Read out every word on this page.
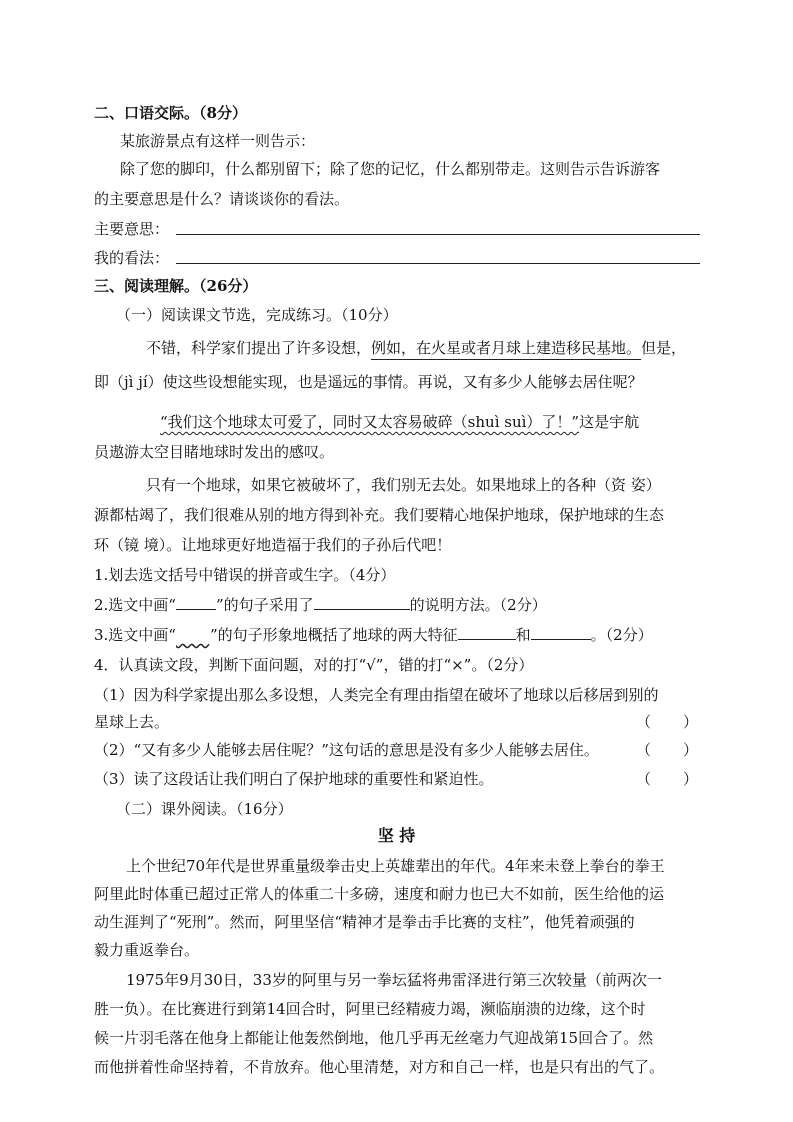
二、口语交际。（8分）
某旅游景点有这样一则告示：
除了您的脚印，什么都别留下；除了您的记忆，什么都别带走。这则告示告诉游客
的主要意思是什么？请谈谈你的看法。
主要意思：
我的看法：
三、阅读理解。（26分）
（一）阅读课文节选，完成练习。（10分）
不错，科学家们提出了许多设想，例如，在火星或者月球上建造移民基地。但是，
即（jì jí）使这些设想能实现，也是遥远的事情。再说，又有多少人能够去居住呢？
“我们这个地球太可爱了，同时又太容易破碎（shuì suì）了！”这是宇航
员遨游太空目睹地球时发出的感叹。
只有一个地球，如果它被破坏了，我们别无去处。如果地球上的各种（资 姿）
源都枯竭了，我们很难从别的地方得到补充。我们要精心地保护地球，保护地球的生态
环（镜 境）。让地球更好地造福于我们的子孙后代吧！
1.划去选文括号中错误的拼音或生字。（4分）
2.选文中画“	”的句子采用了	的说明方法。（2分）
3.选文中画“ ”的句子形象地概括了地球的两大特征	和	。（2分）
4．认真读文段，判断下面问题，对的打“√”，错的打“×”。（2分）
（1）因为科学家提出那么多设想，人类完全有理由指望在破坏了地球以后移居到别的
星球上去。	（ ）
（2）“又有多少人能够去居住呢？”这句话的意思是没有多少人能够去居住。 （ ）
（3）读了这段话让我们明白了保护地球的重要性和紧迫性。	（ ）
（二）课外阅读。（16分）
坚 持
上个世纪70年代是世界重量级拳击史上英雄辈出的年代。4年来未登上拳台的拳王
阿里此时体重已超过正常人的体重二十多磅，速度和耐力也已大不如前，医生给他的运
动生涯判了“死刑”。然而，阿里坚信“精神才是拳击手比赛的支柱”，他凭着顽强的
毅力重返拳台。
1975年9月30日，33岁的阿里与另一拳坛猛将弗雷泽进行第三次较量（前两次一
胜一负）。在比赛进行到第14回合时，阿里已经精疲力竭，濒临崩溃的边缘，这个时
候一片羽毛落在他身上都能让他轰然倒地，他几乎再无丝毫力气迎战第15回合了。然
而他拼着性命坚持着，不肯放弃。他心里清楚，对方和自己一样，也是只有出的气了。
